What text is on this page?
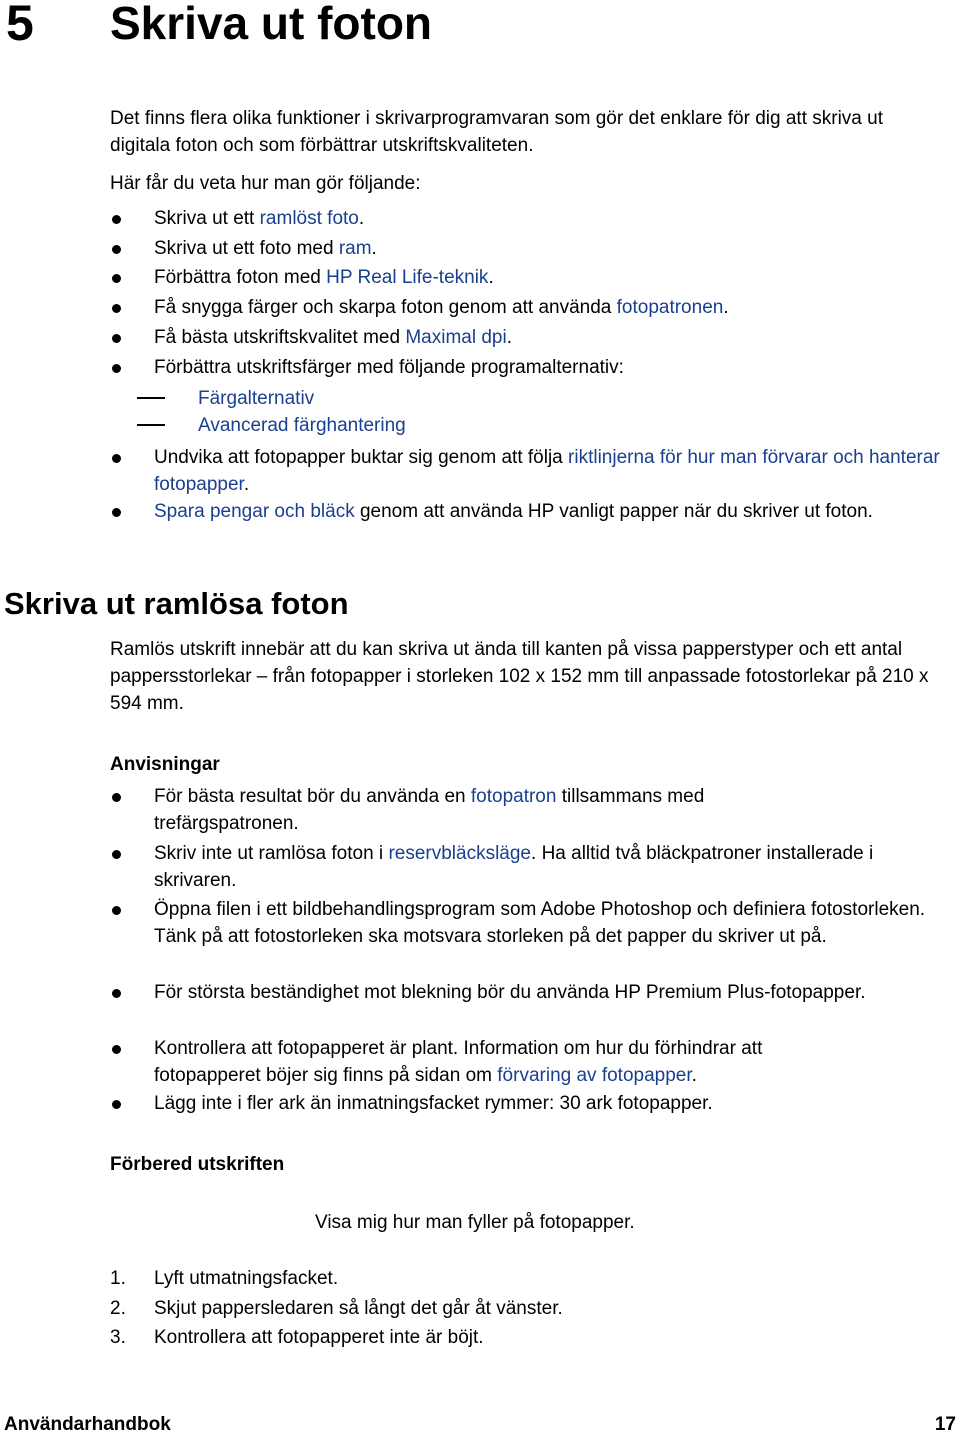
5 Skriva ut foton
Det finns flera olika funktioner i skrivarprogramvaran som gör det enklare för dig att skriva ut digitala foton och som förbättrar utskriftskvaliteten.
Här får du veta hur man gör följande:
Skriva ut ett ramlöst foto.
Skriva ut ett foto med ram.
Förbättra foton med HP Real Life-teknik.
Få snygga färger och skarpa foton genom att använda fotopatronen.
Få bästa utskriftskvalitet med Maximal dpi.
Förbättra utskriftsfärger med följande programalternativ:
Färgalternativ
Avancerad färghantering
Undvika att fotopapper buktar sig genom att följa riktlinjerna för hur man förvarar och hanterar fotopapper.
Spara pengar och bläck genom att använda HP vanligt papper när du skriver ut foton.
Skriva ut ramlösa foton
Ramlös utskrift innebär att du kan skriva ut ända till kanten på vissa papperstyper och ett antal pappersstorlekar – från fotopapper i storleken 102 x 152 mm till anpassade fotostorlekar på 210 x 594 mm.
Anvisningar
För bästa resultat bör du använda en fotopatron tillsammans med trefärgspatronen.
Skriv inte ut ramlösa foton i reservbläcksläge. Ha alltid två bläckpatroner installerade i skrivaren.
Öppna filen i ett bildbehandlingsprogram som Adobe Photoshop och definiera fotostorleken. Tänk på att fotostorleken ska motsvara storleken på det papper du skriver ut på.
För största beständighet mot blekning bör du använda HP Premium Plus-fotopapper.
Kontrollera att fotopapperet är plant. Information om hur du förhindrar att fotopapperet böjer sig finns på sidan om förvaring av fotopapper.
Lägg inte i fler ark än inmatningsfacket rymmer: 30 ark fotopapper.
Förbered utskriften
Visa mig hur man fyller på fotopapper.
1. Lyft utmatningsfacket.
2. Skjut pappersledaren så långt det går åt vänster.
3. Kontrollera att fotopapperet inte är böjt.
Användarhandbok	17
